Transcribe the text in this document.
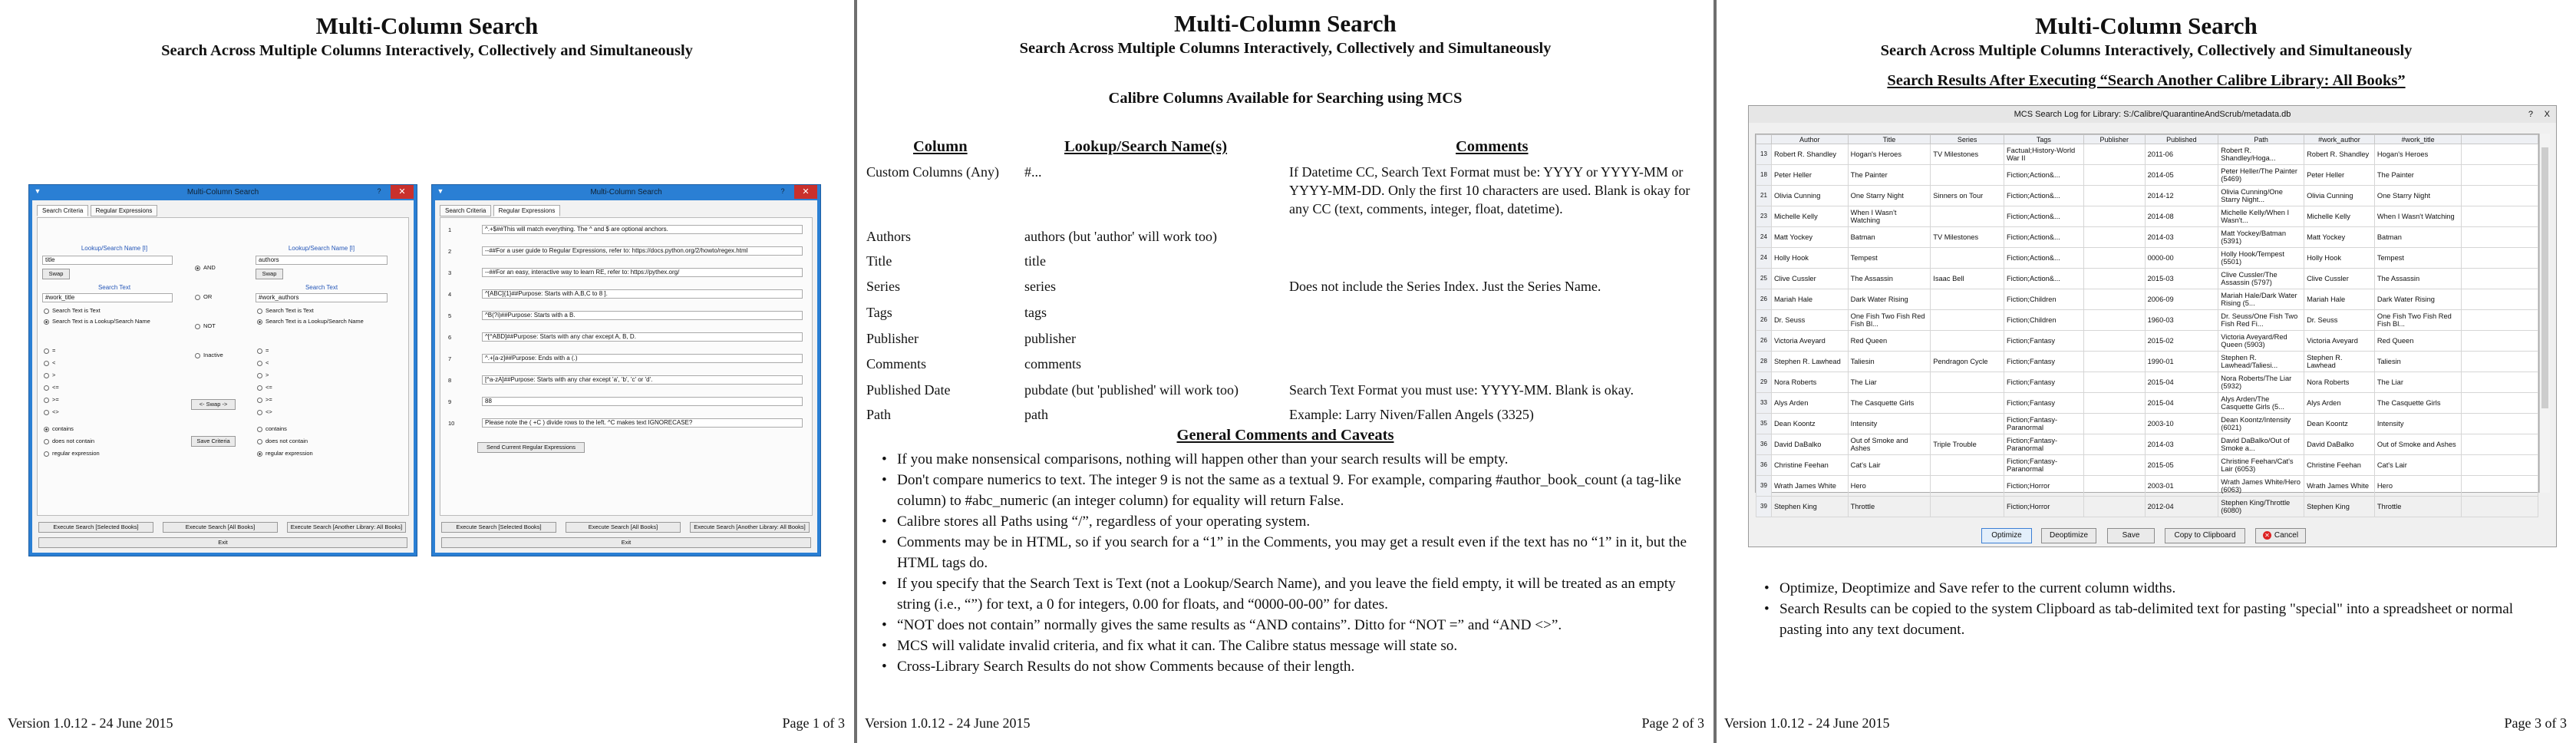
Multi-Column Search
Search Across Multiple Columns Interactively, Collectively and Simultaneously
▼	Multi-Column Search	?	✕
Search Criteria Regular Expressions
Lookup/Search Name [I]
title
Swap
Search Text
#work_title
Search Text is Text
Search Text is a Lookup/Search Name
=
<
>
<=
>=
<>
contains
does not contain
regular expression
AND
OR
NOT
Inactive
<- Swap ->
Save Criteria
Lookup/Search Name [I]
authors
Swap
Search Text
#work_authors
Search Text is Text
Search Text is a Lookup/Search Name
=
<
>
<=
>=
<>
contains
does not contain
regular expression
Execute Search [Selected Books]	Execute Search [All Books]	Execute Search [Another Library: All Books]
Exit
▼	Multi-Column Search	?	✕
Search Criteria Regular Expressions
1	^.+$##This will match everything. The ^ and $ are optional anchors.
2	--##For a user guide to Regular Expressions, refer to: https://docs.python.org/2/howto/regex.html
3	--##For an easy, interactive way to learn RE, refer to: https://pythex.org/
4	^[ABC]{1}##Purpose: Starts with A,B,C to 8 ].
5	^B(?i)##Purpose: Starts with a B.
6	^[^ABD]##Purpose: Starts with any char except A, B, D.
7	^.+[a-z]##Purpose: Ends with a (.)
8	[^a-zA]##Purpose: Starts with any char except 'a', 'b', 'c' or 'd'.
9	88
10	Please note the ( +C ) divide rows to the left. ^C makes text IGNORECASE?
Send Current Regular Expressions
Execute Search [Selected Books]	Execute Search [All Books]	Execute Search [Another Library: All Books]
Exit
Version 1.0.12 - 24 June 2015	Page 1 of 3
Multi-Column Search
Search Across Multiple Columns Interactively, Collectively and Simultaneously
Calibre Columns Available for Searching using MCS
Column	Lookup/Search Name(s)	Comments
Custom Columns (Any) #...	If Datetime CC, Search Text Format must be: YYYY or YYYY-MM or YYYY-MM-DD. Only the first 10 characters are used. Blank is okay for any CC (text, comments, integer, float, datetime).
Authors	authors (but 'author' will work too)
Title	title
Series	series	Does not include the Series Index. Just the Series Name.
Tags	tags
Publisher	publisher
Comments	comments
Published Date	pubdate (but 'published' will work too)	Search Text Format you must use: YYYY-MM. Blank is okay.
Path	path	Example: Larry Niven/Fallen Angels (3325)
General Comments and Caveats
• If you make nonsensical comparisons, nothing will happen other than your search results will be empty.
• Don't compare numerics to text. The integer 9 is not the same as a textual 9. For example, comparing #author_book_count (a tag-like column) to #abc_numeric (an integer column) for equality will return False.
• Calibre stores all Paths using “/”, regardless of your operating system.
• Comments may be in HTML, so if you search for a “1” in the Comments, you may get a result even if the text has no “1” in it, but the HTML tags do.
• If you specify that the Search Text is Text (not a Lookup/Search Name), and you leave the field empty, it will be treated as an empty string (i.e., “”) for text, a 0 for integers, 0.00 for floats, and “0000-00-00” for dates.
• “NOT does not contain” normally gives the same results as “AND contains”. Ditto for “NOT =” and “AND <>”.
• MCS will validate invalid criteria, and fix what it can. The Calibre status message will state so.
• Cross-Library Search Results do not show Comments because of their length.
Version 1.0.12 - 24 June 2015	Page 2 of 3
Multi-Column Search
Search Across Multiple Columns Interactively, Collectively and Simultaneously
Search Results After Executing “Search Another Calibre Library: All Books”
MCS Search Log for Library: S:/Calibre/QuarantineAndScrub/metadata.db	? X
	Author	Title	Series	Tags	Publisher	Published	Path	#work_author	#work_title	
13	Robert R. Shandley	Hogan's Heroes	TV Milestones	Factual;History-World War II		2011-06	Robert R. Shandley/Hoga...	Robert R. Shandley	Hogan's Heroes	
18	Peter Heller	The Painter		Fiction;Action&...		2014-05	Peter Heller/The Painter (5469)	Peter Heller	The Painter	
21	Olivia Cunning	One Starry Night	Sinners on Tour	Fiction;Action&...		2014-12	Olivia Cunning/One Starry Night...	Olivia Cunning	One Starry Night	
23	Michelle Kelly	When I Wasn't Watching		Fiction;Action&...		2014-08	Michelle Kelly/When I Wasn't...	Michelle Kelly	When I Wasn't Watching	
24	Matt Yockey	Batman	TV Milestones	Fiction;Action&...		2014-03	Matt Yockey/Batman (5391)	Matt Yockey	Batman	
24	Holly Hook	Tempest		Fiction;Action&...		0000-00	Holly Hook/Tempest (5501)	Holly Hook	Tempest	
25	Clive Cussler	The Assassin	Isaac Bell	Fiction;Action&...		2015-03	Clive Cussler/The Assassin (5797)	Clive Cussler	The Assassin	
26	Mariah Hale	Dark Water Rising		Fiction;Children		2006-09	Mariah Hale/Dark Water Rising (5...	Mariah Hale	Dark Water Rising	
26	Dr. Seuss	One Fish Two Fish Red Fish Bl...		Fiction;Children		1960-03	Dr. Seuss/One Fish Two Fish Red Fi...	Dr. Seuss	One Fish Two Fish Red Fish Bl...	
26	Victoria Aveyard	Red Queen		Fiction;Fantasy		2015-02	Victoria Aveyard/Red Queen (5903)	Victoria Aveyard	Red Queen	
28	Stephen R. Lawhead	Taliesin	Pendragon Cycle	Fiction;Fantasy		1990-01	Stephen R. Lawhead/Taliesi...	Stephen R. Lawhead	Taliesin	
29	Nora Roberts	The Liar		Fiction;Fantasy		2015-04	Nora Roberts/The Liar (5932)	Nora Roberts	The Liar	
33	Alys Arden	The Casquette Girls		Fiction;Fantasy		2015-04	Alys Arden/The Casquette Girls (5...	Alys Arden	The Casquette Girls	
35	Dean Koontz	Intensity		Fiction;Fantasy-Paranormal		2003-10	Dean Koontz/Intensity (6021)	Dean Koontz	Intensity	
36	David DaBalko	Out of Smoke and Ashes	Triple Trouble	Fiction;Fantasy-Paranormal		2014-03	David DaBalko/Out of Smoke a...	David DaBalko	Out of Smoke and Ashes	
36	Christine Feehan	Cat's Lair		Fiction;Fantasy-Paranormal		2015-05	Christine Feehan/Cat's Lair (6053)	Christine Feehan	Cat's Lair	
39	Wrath James White	Hero		Fiction;Horror		2003-01	Wrath James White/Hero (6063)	Wrath James White	Hero	
39	Stephen King	Throttle		Fiction;Horror		2012-04	Stephen King/Throttle (6080)	Stephen King	Throttle	
Optimize	Deoptimize	Save	Copy to Clipboard	✕ Cancel
• Optimize, Deoptimize and Save refer to the current column widths.
• Search Results can be copied to the system Clipboard as tab-delimited text for pasting "special" into a spreadsheet or normal pasting into any text document.
Version 1.0.12 - 24 June 2015	Page 3 of 3
